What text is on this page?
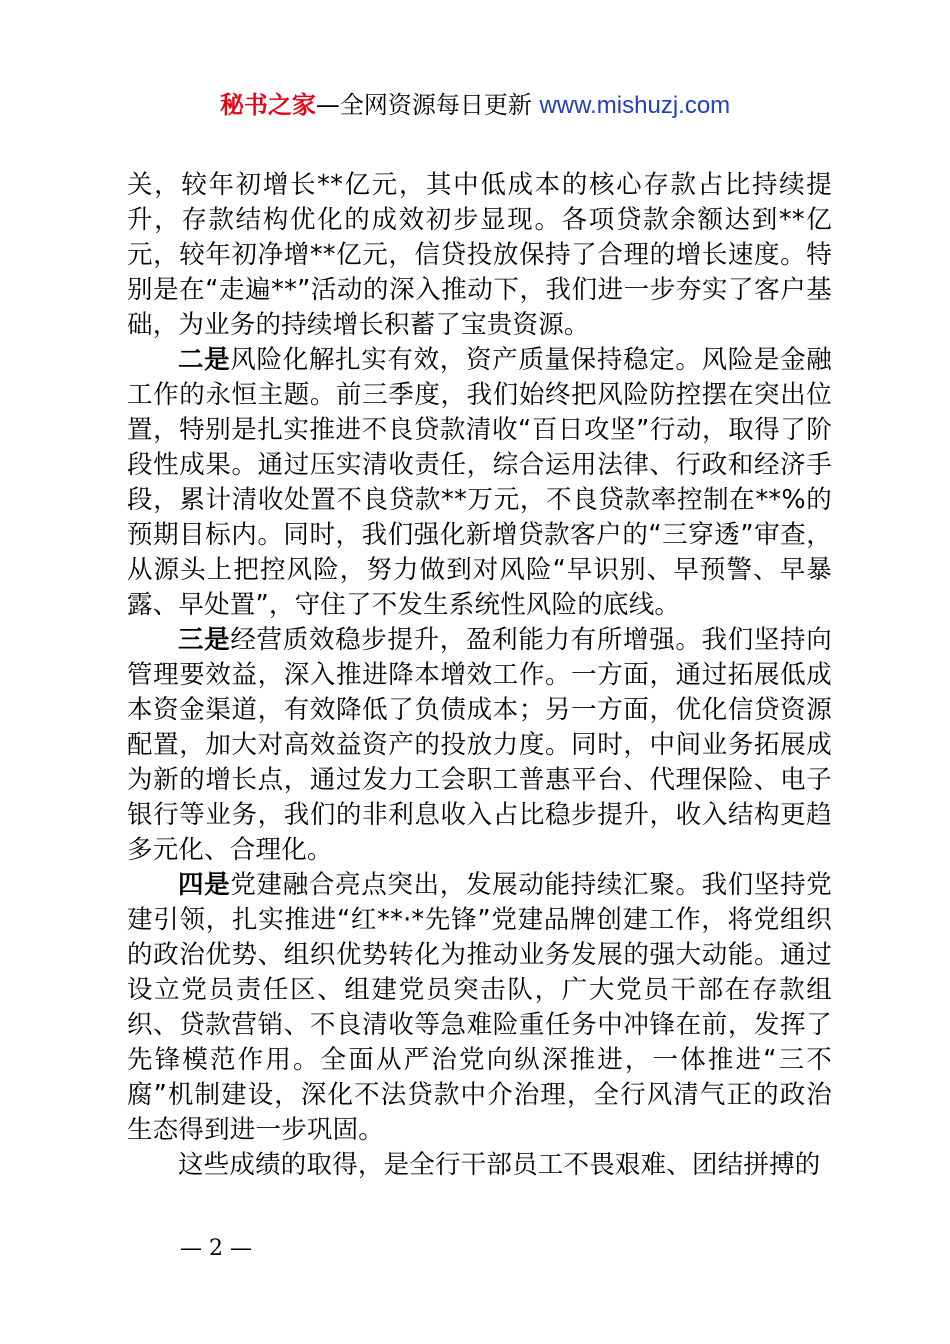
秘书之家—全网资源每日更新 www.mishuzj.com

关，较年初增长**亿元，其中低成本的核心存款占比持续提升，存款结构优化的成效初步显现。各项贷款余额达到**亿元，较年初净增**亿元，信贷投放保持了合理的增长速度。特别是在“走遍**”活动的深入推动下，我们进一步夯实了客户基础，为业务的持续增长积蓄了宝贵资源。

二是风险化解扎实有效，资产质量保持稳定。风险是金融工作的永恒主题。前三季度，我们始终把风险防控摆在突出位置，特别是扎实推进不良贷款清收“百日攻坚”行动，取得了阶段性成果。通过压实清收责任，综合运用法律、行政和经济手段，累计清收处置不良贷款**万元，不良贷款率控制在**%的预期目标内。同时，我们强化新增贷款客户的“三穿透”审查，从源头上把控风险，努力做到对风险“早识别、早预警、早暴露、早处置”，守住了不发生系统性风险的底线。

三是经营质效稳步提升，盈利能力有所增强。我们坚持向管理要效益，深入推进降本增效工作。一方面，通过拓展低成本资金渠道，有效降低了负债成本；另一方面，优化信贷资源配置，加大对高效益资产的投放力度。同时，中间业务拓展成为新的增长点，通过发力工会职工普惠平台、代理保险、电子银行等业务，我们的非利息收入占比稳步提升，收入结构更趋多元化、合理化。

四是党建融合亮点突出，发展动能持续汇聚。我们坚持党建引领，扎实推进“红**·*先锋”党建品牌创建工作，将党组织的政治优势、组织优势转化为推动业务发展的强大动能。通过设立党员责任区、组建党员突击队，广大党员干部在存款组织、贷款营销、不良清收等急难险重任务中冲锋在前，发挥了先锋模范作用。全面从严治党向纵深推进，一体推进“三不腐”机制建设，深化不法贷款中介治理，全行风清气正的政治生态得到进一步巩固。

这些成绩的取得，是全行干部员工不畏艰难、团结拼搏的

— 2 —
